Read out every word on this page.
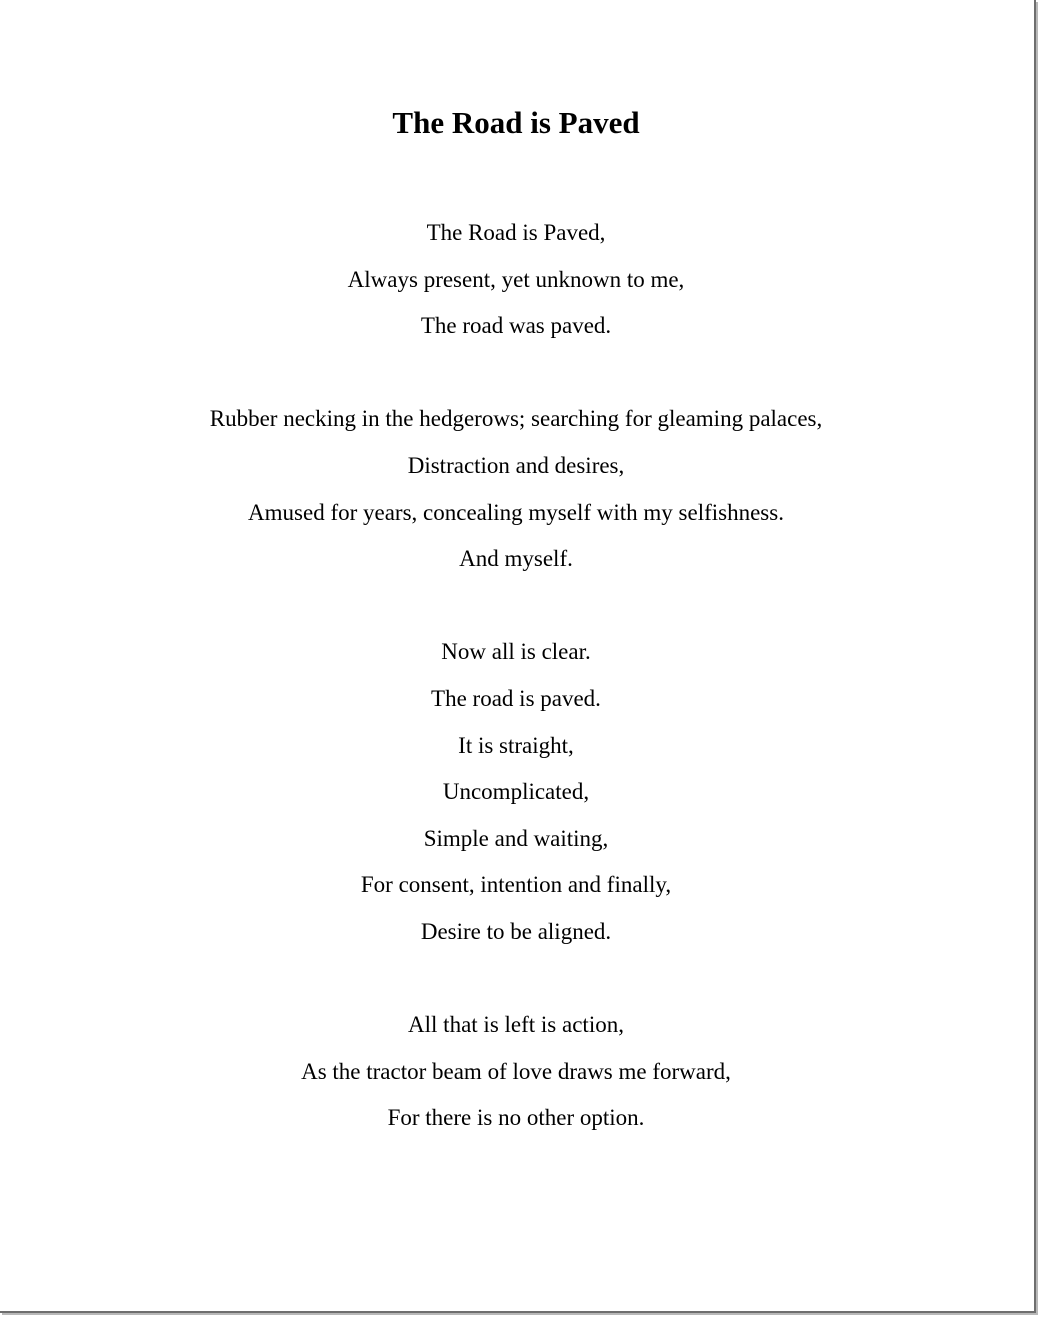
The Road is Paved
The Road is Paved,
Always present, yet unknown to me,
The road was paved.
Rubber necking in the hedgerows; searching for gleaming palaces,
Distraction and desires,
Amused for years, concealing myself with my selfishness.
And myself.
Now all is clear.
The road is paved.
It is straight,
Uncomplicated,
Simple and waiting,
For consent, intention and finally,
Desire to be aligned.
All that is left is action,
As the tractor beam of love draws me forward,
For there is no other option.
